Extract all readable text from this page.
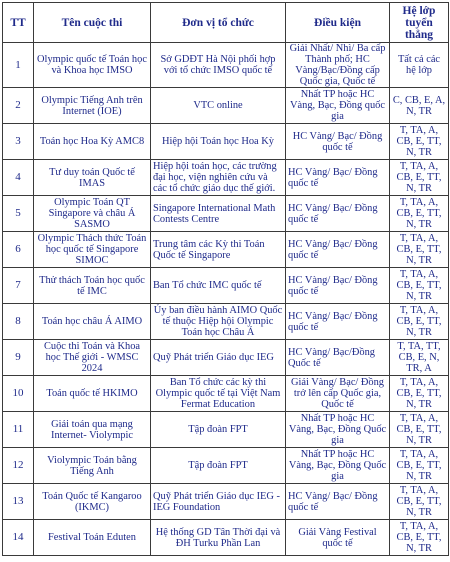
TT	Tên cuộc thi	Đơn vị tổ chức	Điều kiện	Hệ lớp tuyển thẳng
1	Olympic quốc tế Toán học và Khoa học IMSO	Sở GDĐT Hà Nội phối hợp với tổ chức IMSO quốc tế	Giải Nhất/ Nhì/ Ba cấp Thành phố; HC Vàng/Bạc/Đồng cấp Quốc gia, Quốc tế	Tất cả các hệ lớp
2	Olympic Tiếng Anh trên Internet (IOE)	VTC online	Nhất TP hoặc HC Vàng, Bạc, Đồng quốc gia	C, CB, E, A, N, TR
3	Toán học Hoa Kỳ AMC8	Hiệp hội Toán học Hoa Kỳ	HC Vàng/ Bạc/ Đồng quốc tế	T, TA, A, CB, E, TT, N, TR
4	Tư duy toán Quốc tế IMAS	Hiệp hội toán học, các trường đại học, viện nghiên cứu và các tổ chức giáo dục thế giới.	HC Vàng/ Bạc/ Đồng quốc tế	T, TA, A, CB, E, TT, N, TR
5	Olympic Toán QT Singapore và châu Á SASMO	Singapore International Math Contests Centre	HC Vàng/ Bạc/ Đồng quốc tế	T, TA, A, CB, E, TT, N, TR
6	Olympic Thách thức Toán học quốc tế Singapore SIMOC	Trung tâm các Kỳ thi Toán Quốc tế Singapore	HC Vàng/ Bạc/ Đồng quốc tế	T, TA, A, CB, E, TT, N, TR
7	Thử thách Toán học quốc tế IMC	Ban Tổ chức IMC quốc tế	HC Vàng/ Bạc/ Đồng quốc tế	T, TA, A, CB, E, TT, N, TR
8	Toán học châu Á AIMO	Ủy ban điều hành AIMO Quốc tế thuộc Hiệp hội Olympic Toán học Châu Á	HC Vàng/ Bạc/ Đồng quốc tế	T, TA, A, CB, E, TT, N, TR
9	Cuộc thi Toán và Khoa học Thế giới - WMSC 2024	Quỹ Phát triển Giáo dục IEG	HC Vàng/ Bạc/Đồng Quốc tế	T, TA, TT, CB, E, N, TR, A
10	Toán quốc tế HKIMO	Ban Tổ chức các kỳ thi Olympic quốc tế tại Việt Nam Fermat Education	Giải Vàng/ Bạc/ Đồng trở lên cấp Quốc gia, Quốc tế	T, TA, A, CB, E, TT, N, TR
11	Giải toán qua mạng Internet- Violympic	Tập đoàn FPT	Nhất TP hoặc HC Vàng, Bạc, Đồng Quốc gia	T, TA, A, CB, E, TT, N, TR
12	Violympic Toán bằng Tiếng Anh	Tập đoàn FPT	Nhất TP hoặc HC Vàng, Bạc, Đồng Quốc gia	T, TA, A, CB, E, TT, N, TR
13	Toán Quốc tế Kangaroo (IKMC)	Quỹ Phát triển Giáo dục IEG - IEG Foundation	HC Vàng/ Bạc/ Đồng quốc tế	T, TA, A, CB, E, TT, N, TR
14	Festival Toán Eduten	Hệ thống GD Tân Thời đại và ĐH Turku Phần Lan	Giải Vàng Festival quốc tế	T, TA, A, CB, E, TT, N, TR
